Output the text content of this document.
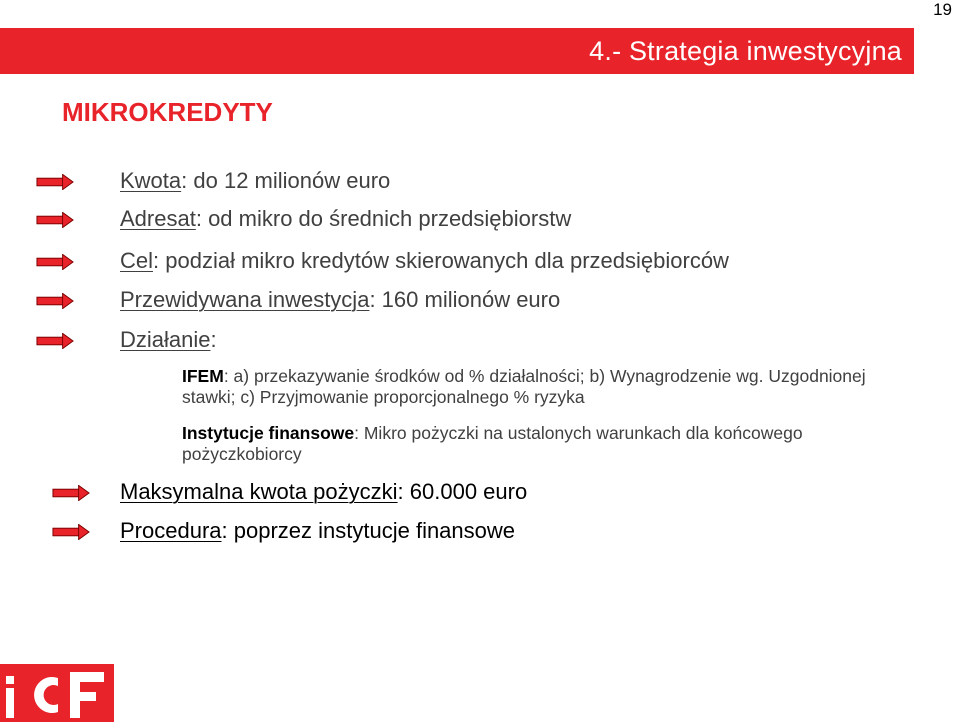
19
4.- Strategia inwestycyjna
MIKROKREDYTY
Kwota: do 12 milionów euro
Adresat: od mikro do średnich przedsiębiorstw
Cel: podział mikro kredytów skierowanych dla przedsiębiorców
Przewidywana inwestycja: 160 milionów euro
Działanie:
IFEM: a) przekazywanie środków od % działalności; b) Wynagrodzenie wg. Uzgodnionej stawki; c) Przyjmowanie proporcjonalnego % ryzyka
Instytucje finansowe: Mikro pożyczki na ustalonych warunkach dla końcowego pożyczkobiorcy
Maksymalna kwota pożyczki: 60.000 euro
Procedura: poprzez instytucje finansowe
